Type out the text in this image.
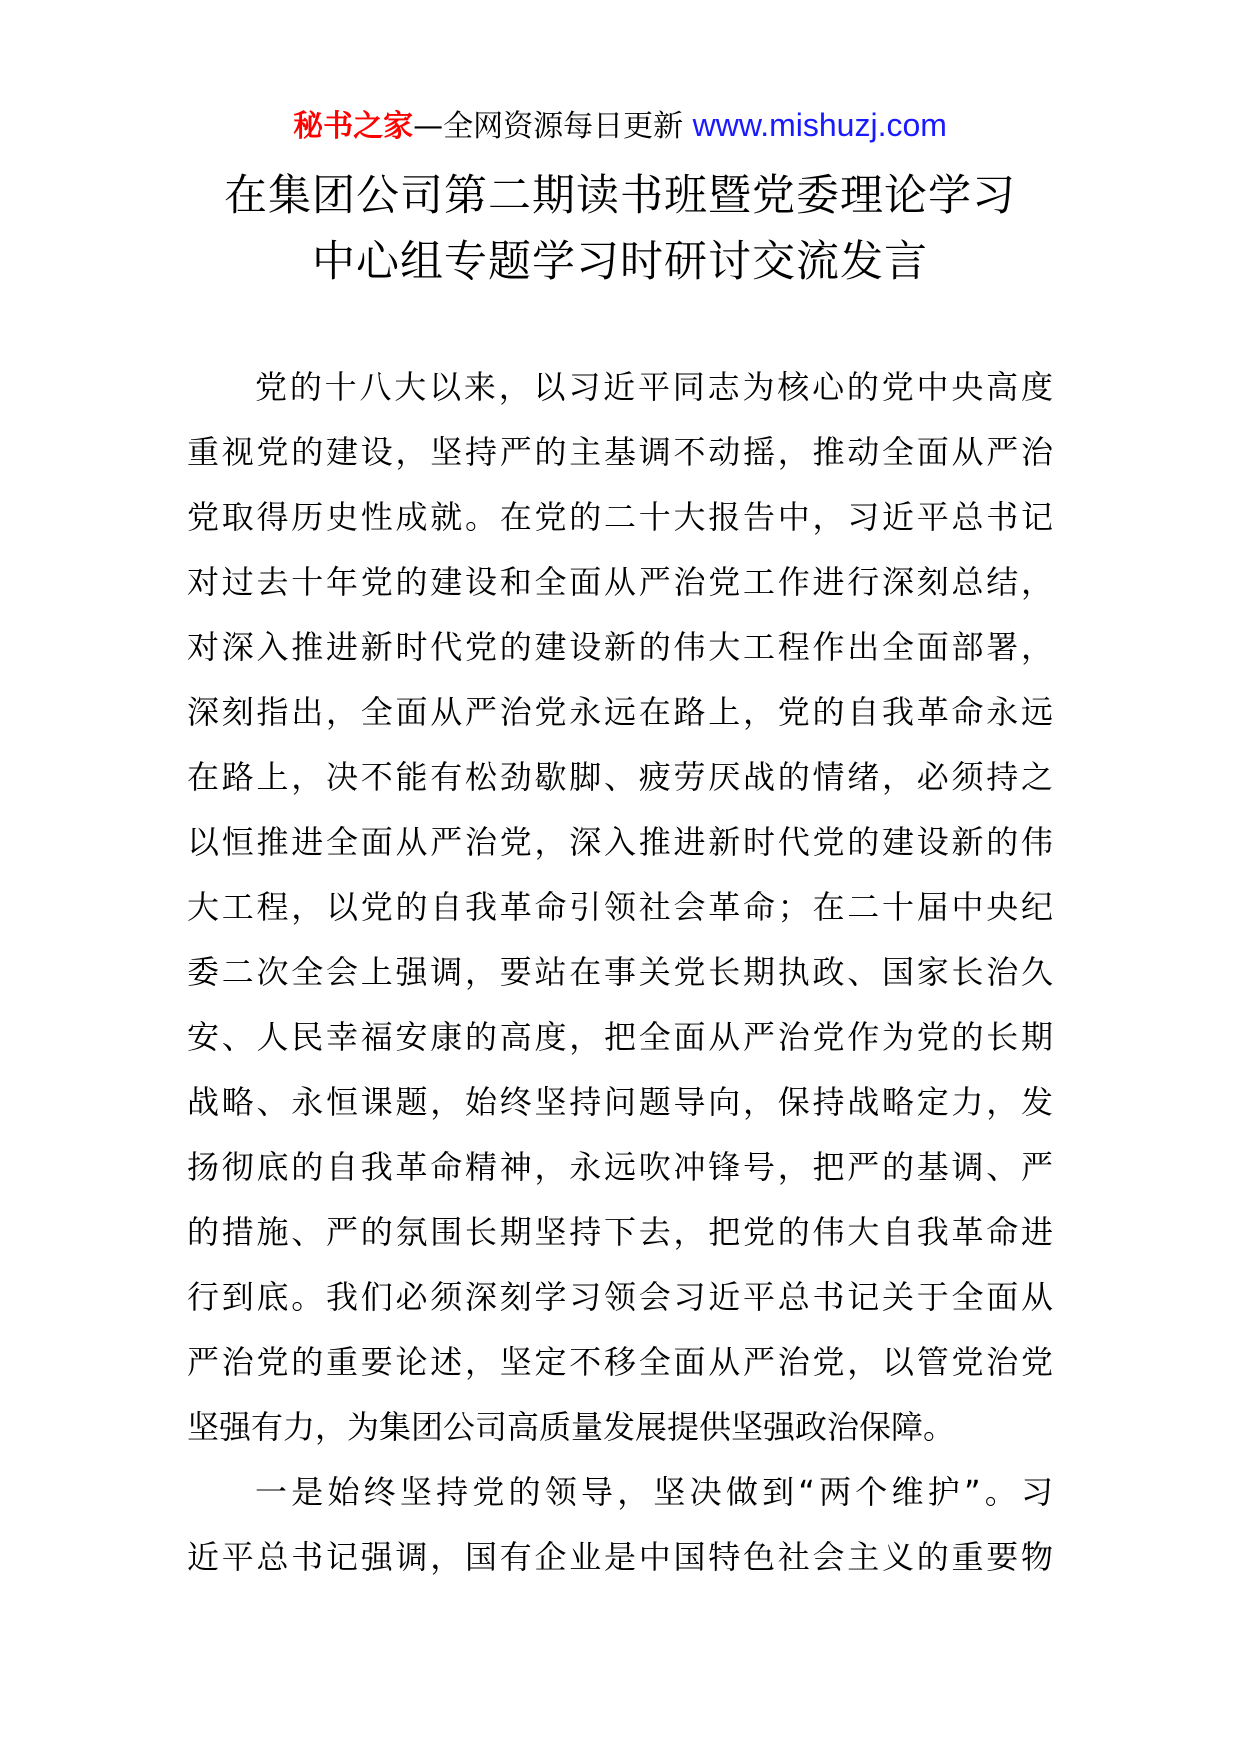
秘书之家—全网资源每日更新 www.mishuzj.com
在集团公司第二期读书班暨党委理论学习
中心组专题学习时研讨交流发言
党的十八大以来，以习近平同志为核心的党中央高度
重视党的建设，坚持严的主基调不动摇，推动全面从严治
党取得历史性成就。在党的二十大报告中，习近平总书记
对过去十年党的建设和全面从严治党工作进行深刻总结，
对深入推进新时代党的建设新的伟大工程作出全面部署，
深刻指出，全面从严治党永远在路上，党的自我革命永远
在路上，决不能有松劲歇脚、疲劳厌战的情绪，必须持之
以恒推进全面从严治党，深入推进新时代党的建设新的伟
大工程，以党的自我革命引领社会革命；在二十届中央纪
委二次全会上强调，要站在事关党长期执政、国家长治久
安、人民幸福安康的高度，把全面从严治党作为党的长期
战略、永恒课题，始终坚持问题导向，保持战略定力，发
扬彻底的自我革命精神，永远吹冲锋号，把严的基调、严
的措施、严的氛围长期坚持下去，把党的伟大自我革命进
行到底。我们必须深刻学习领会习近平总书记关于全面从
严治党的重要论述，坚定不移全面从严治党，以管党治党
坚强有力，为集团公司高质量发展提供坚强政治保障。
一是始终坚持党的领导，坚决做到“两个维护”。习
近平总书记强调，国有企业是中国特色社会主义的重要物
